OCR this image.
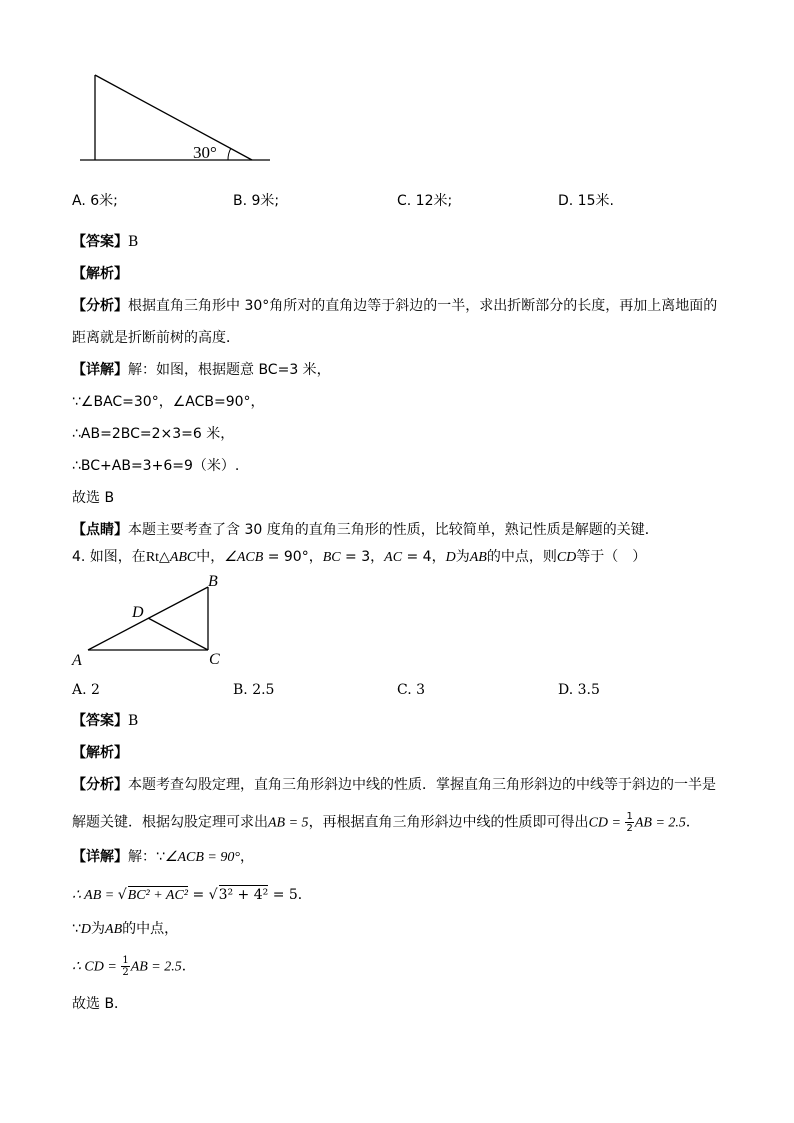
30°
A. 6米;	B. 9米;	C. 12米;	D. 15米.
【答案】B
【解析】
【分析】根据直角三角形中 30°角所对的直角边等于斜边的一半，求出折断部分的长度，再加上离地面的
距离就是折断前树的高度．
【详解】解：如图，根据题意 BC=3 米，
∵∠BAC=30°，∠ACB=90°，
∴AB=2BC=2×3=6 米，
∴BC+AB=3+6=9（米）.
故选 B
【点睛】本题主要考查了含 30 度角的直角三角形的性质，比较简单，熟记性质是解题的关键．
4. 如图，在Rt△ABC中，∠ACB = 90°，BC = 3，AC = 4，D为AB的中点，则CD等于（　）
A
B
C
D
A. 2	B. 2.5	C. 3	D. 3.5
【答案】B
【解析】
【分析】本题考查勾股定理，直角三角形斜边中线的性质．掌握直角三角形斜边的中线等于斜边的一半是
解题关键．根据勾股定理可求出AB = 5，再根据直角三角形斜边中线的性质即可得出CD = $\frac{1}{2}$ AB = 2.5．
【详解】解：∵∠ACB = 90°，
∴ AB = √BC² + AC² = √3² + 4² = 5．
∵D为AB的中点，
∴ CD = $\frac{1}{2}$ AB = 2.5．
故选 B．
